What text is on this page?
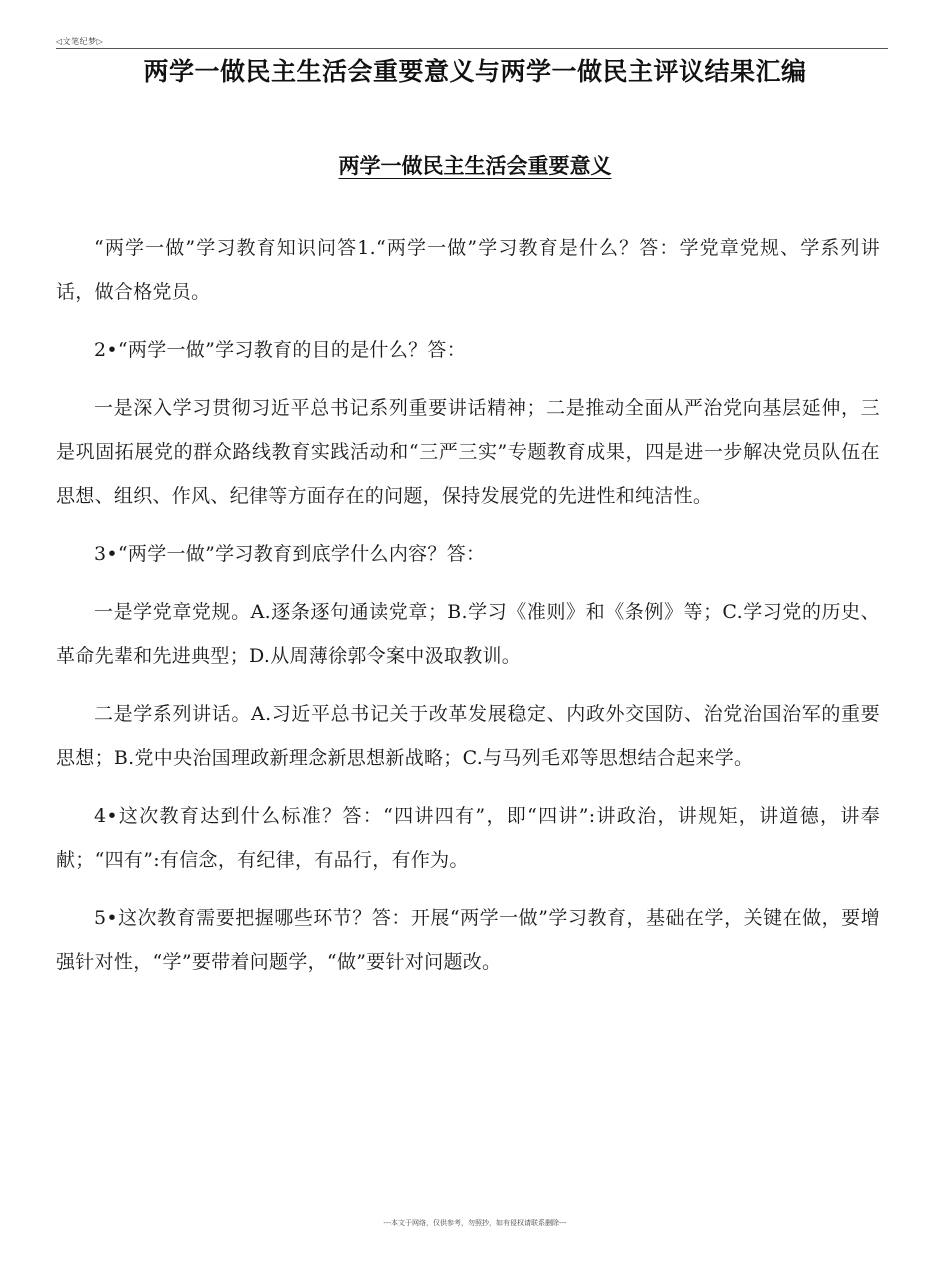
◁文笔纪梦▷
两学一做民主生活会重要意义与两学一做民主评议结果汇编
两学一做民主生活会重要意义

“两学一做”学习教育知识问答1.“两学一做”学习教育是什么？答：学党章党规、学系列讲话，做合格党员。

2•“两学一做”学习教育的目的是什么？答：

一是深入学习贯彻习近平总书记系列重要讲话精神；二是推动全面从严治党向基层延伸，三是巩固拓展党的群众路线教育实践活动和“三严三实”专题教育成果，四是进一步解决党员队伍在思想、组织、作风、纪律等方面存在的问题，保持发展党的先进性和纯洁性。

3•“两学一做”学习教育到底学什么内容？答：

一是学党章党规。A.逐条逐句通读党章；B.学习《准则》和《条例》等；C.学习党的历史、革命先辈和先进典型；D.从周薄徐郭令案中汲取教训。

二是学系列讲话。A.习近平总书记关于改革发展稳定、内政外交国防、治党治国治军的重要思想；B.党中央治国理政新理念新思想新战略；C.与马列毛邓等思想结合起来学。

4•这次教育达到什么标准？答：“四讲四有”，即“四讲”:讲政治，讲规矩，讲道德，讲奉献；“四有”:有信念，有纪律，有品行，有作为。

5•这次教育需要把握哪些环节？答：开展“两学一做”学习教育，基础在学，关键在做，要增强针对性，“学”要带着问题学，“做”要针对问题改。

---本文于网络，仅供参考，勿照抄，如有侵权请联系删除---
